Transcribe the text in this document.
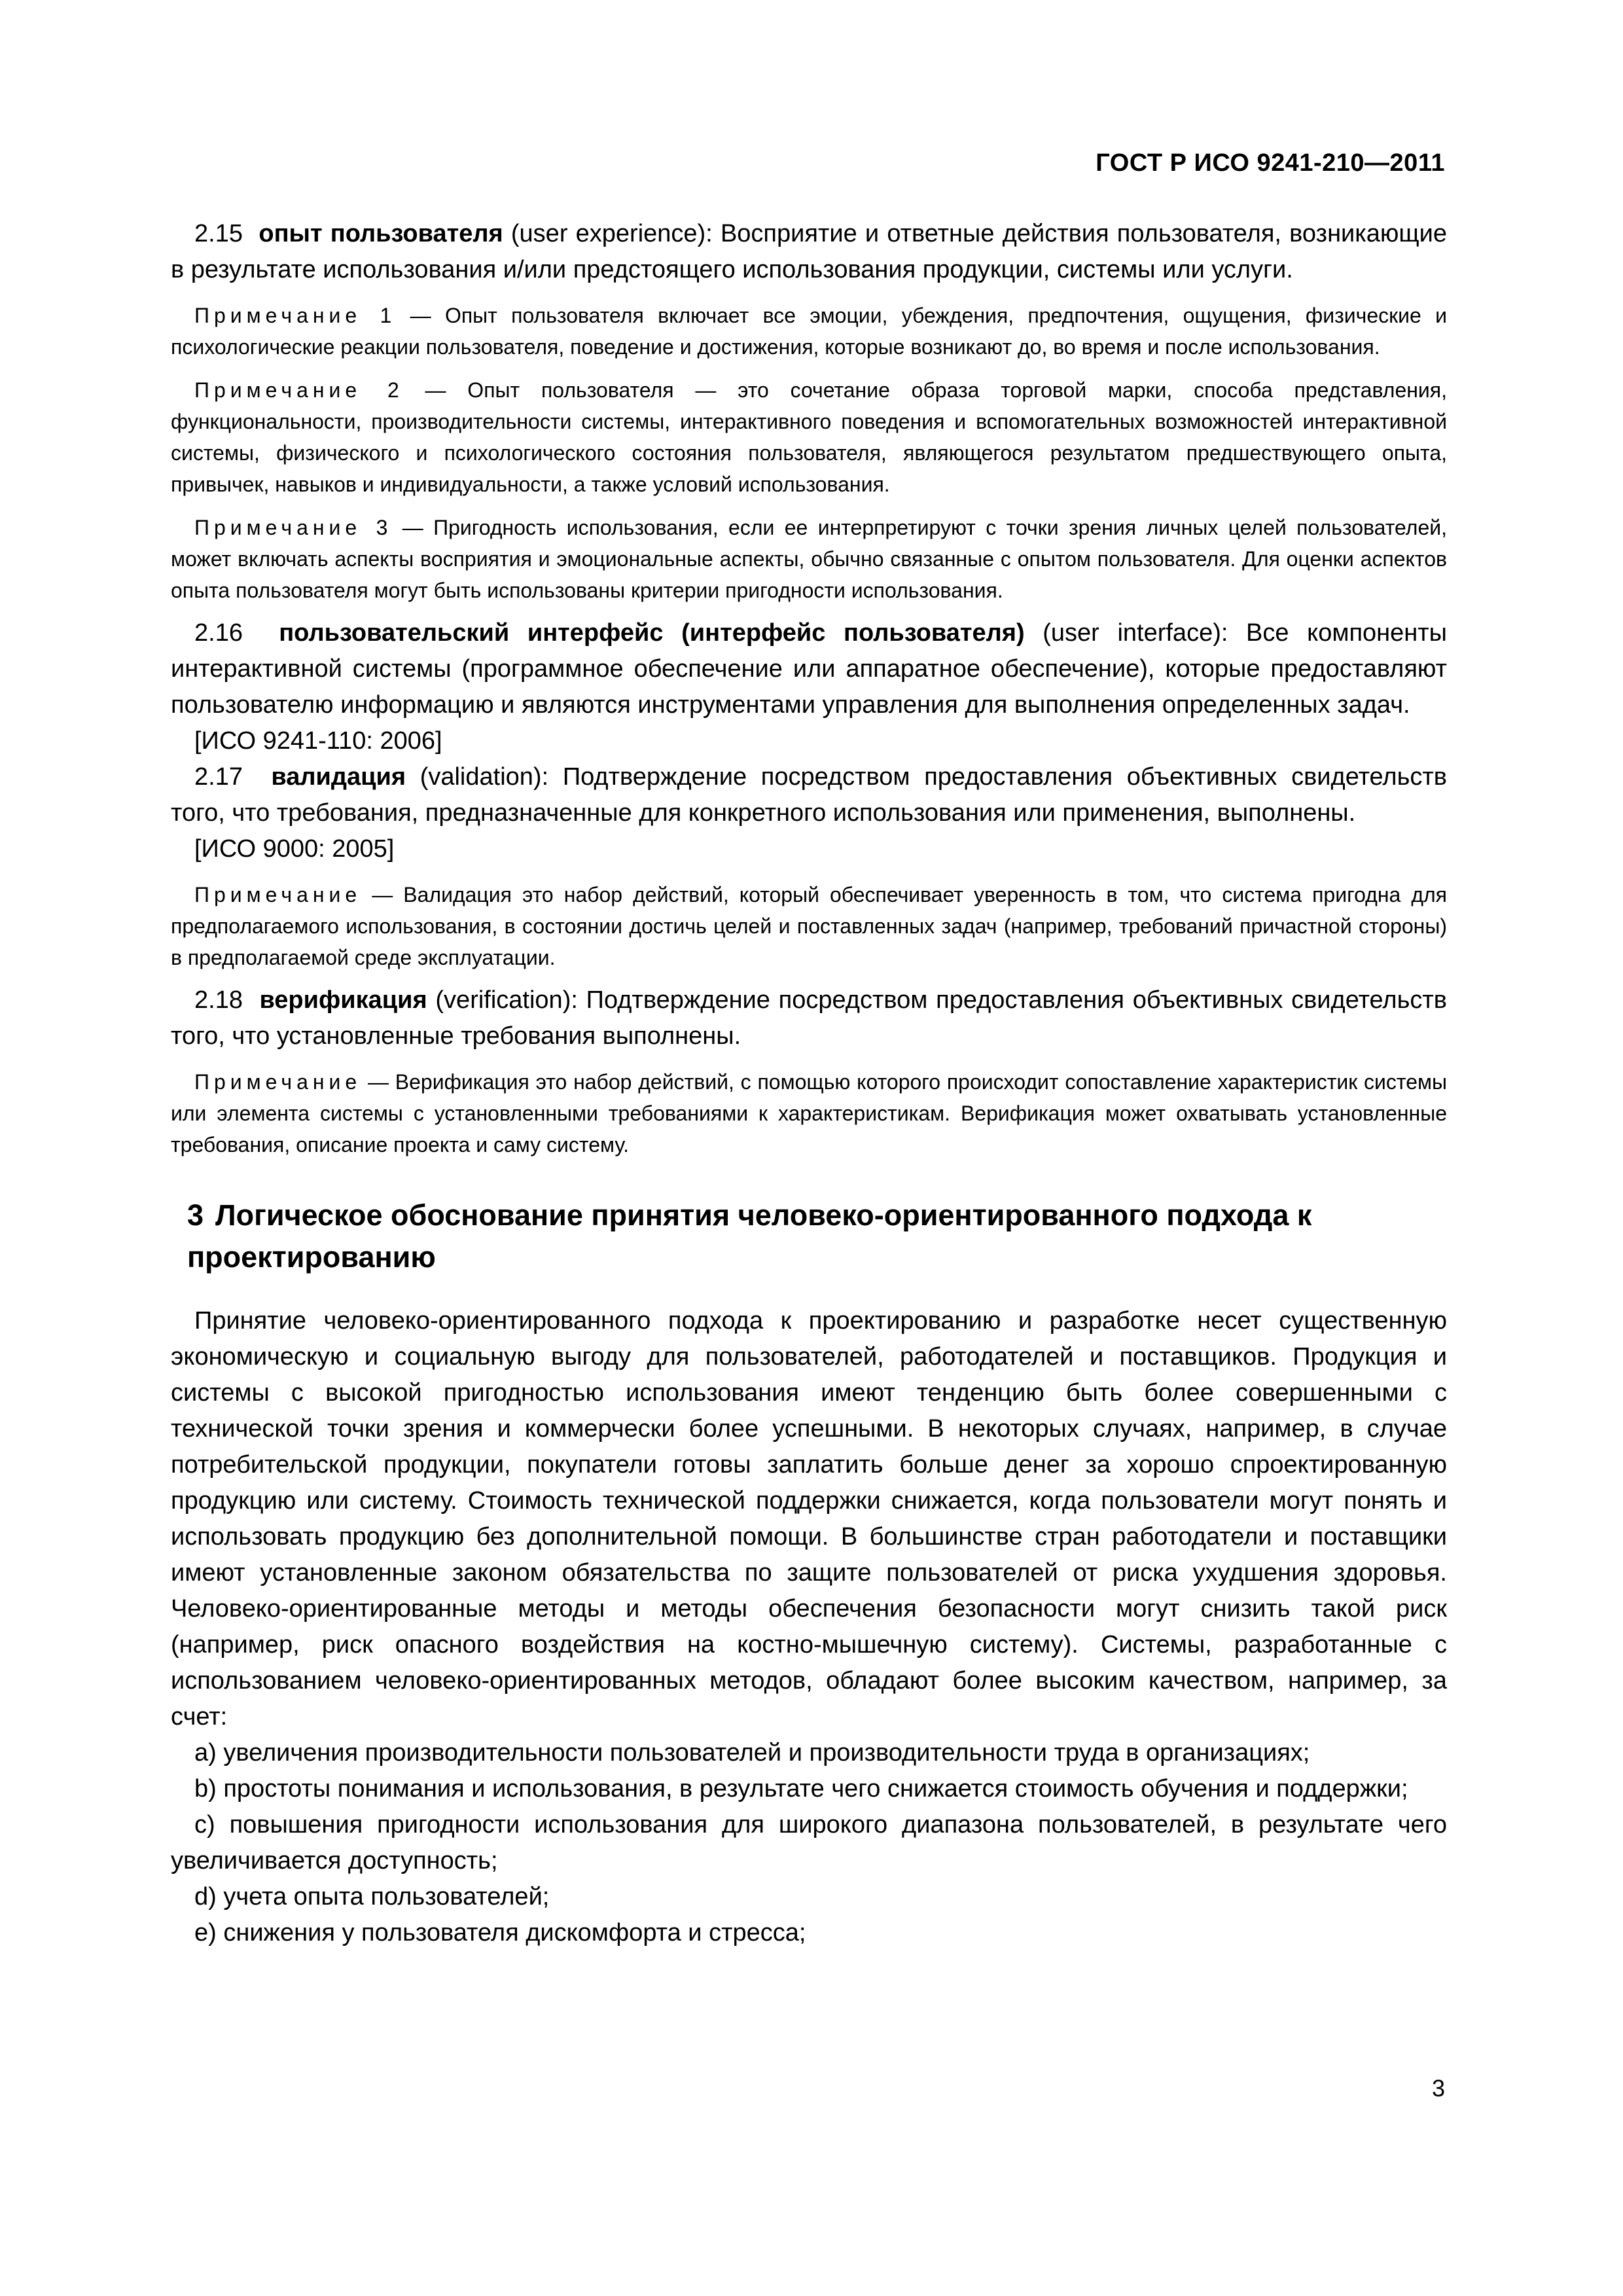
ГОСТ Р ИСО 9241-210—2011

2.15 опыт пользователя (user experience): Восприятие и ответные действия пользователя, возникающие в результате использования и/или предстоящего использования продукции, системы или услуги.

Примечание 1 — Опыт пользователя включает все эмоции, убеждения, предпочтения, ощущения, физические и психологические реакции пользователя, поведение и достижения, которые возникают до, во время и после использования.

Примечание 2 — Опыт пользователя — это сочетание образа торговой марки, способа представления, функциональности, производительности системы, интерактивного поведения и вспомогательных возможностей интерактивной системы, физического и психологического состояния пользователя, являющегося результатом предшествующего опыта, привычек, навыков и индивидуальности, а также условий использования.

Примечание 3 — Пригодность использования, если ее интерпретируют с точки зрения личных целей пользователей, может включать аспекты восприятия и эмоциональные аспекты, обычно связанные с опытом пользователя. Для оценки аспектов опыта пользователя могут быть использованы критерии пригодности использования.

2.16 пользовательский интерфейс (интерфейс пользователя) (user interface): Все компоненты интерактивной системы (программное обеспечение или аппаратное обеспечение), которые предоставляют пользователю информацию и являются инструментами управления для выполнения определенных задач.

[ИСО 9241-110: 2006]

2.17 валидация (validation): Подтверждение посредством предоставления объективных свидетельств того, что требования, предназначенные для конкретного использования или применения, выполнены.

[ИСО 9000: 2005]

Примечание — Валидация это набор действий, который обеспечивает уверенность в том, что система пригодна для предполагаемого использования, в состоянии достичь целей и поставленных задач (например, требований причастной стороны) в предполагаемой среде эксплуатации.

2.18 верификация (verification): Подтверждение посредством предоставления объективных свидетельств того, что установленные требования выполнены.

Примечание — Верификация это набор действий, с помощью которого происходит сопоставление характеристик системы или элемента системы с установленными требованиями к характеристикам. Верификация может охватывать установленные требования, описание проекта и саму систему.

3 Логическое обоснование принятия человеко-ориентированного подхода к проектированию

Принятие человеко-ориентированного подхода к проектированию и разработке несет существенную экономическую и социальную выгоду для пользователей, работодателей и поставщиков. Продукция и системы с высокой пригодностью использования имеют тенденцию быть более совершенными с технической точки зрения и коммерчески более успешными. В некоторых случаях, например, в случае потребительской продукции, покупатели готовы заплатить больше денег за хорошо спроектированную продукцию или систему. Стоимость технической поддержки снижается, когда пользователи могут понять и использовать продукцию без дополнительной помощи. В большинстве стран работодатели и поставщики имеют установленные законом обязательства по защите пользователей от риска ухудшения здоровья. Человеко-ориентированные методы и методы обеспечения безопасности могут снизить такой риск (например, риск опасного воздействия на костно-мышечную систему). Системы, разработанные с использованием человеко-ориентированных методов, обладают более высоким качеством, например, за счет:

a) увеличения производительности пользователей и производительности труда в организациях;

b) простоты понимания и использования, в результате чего снижается стоимость обучения и поддержки;

c) повышения пригодности использования для широкого диапазона пользователей, в результате чего увеличивается доступность;

d) учета опыта пользователей;

e) снижения у пользователя дискомфорта и стресса;

3
